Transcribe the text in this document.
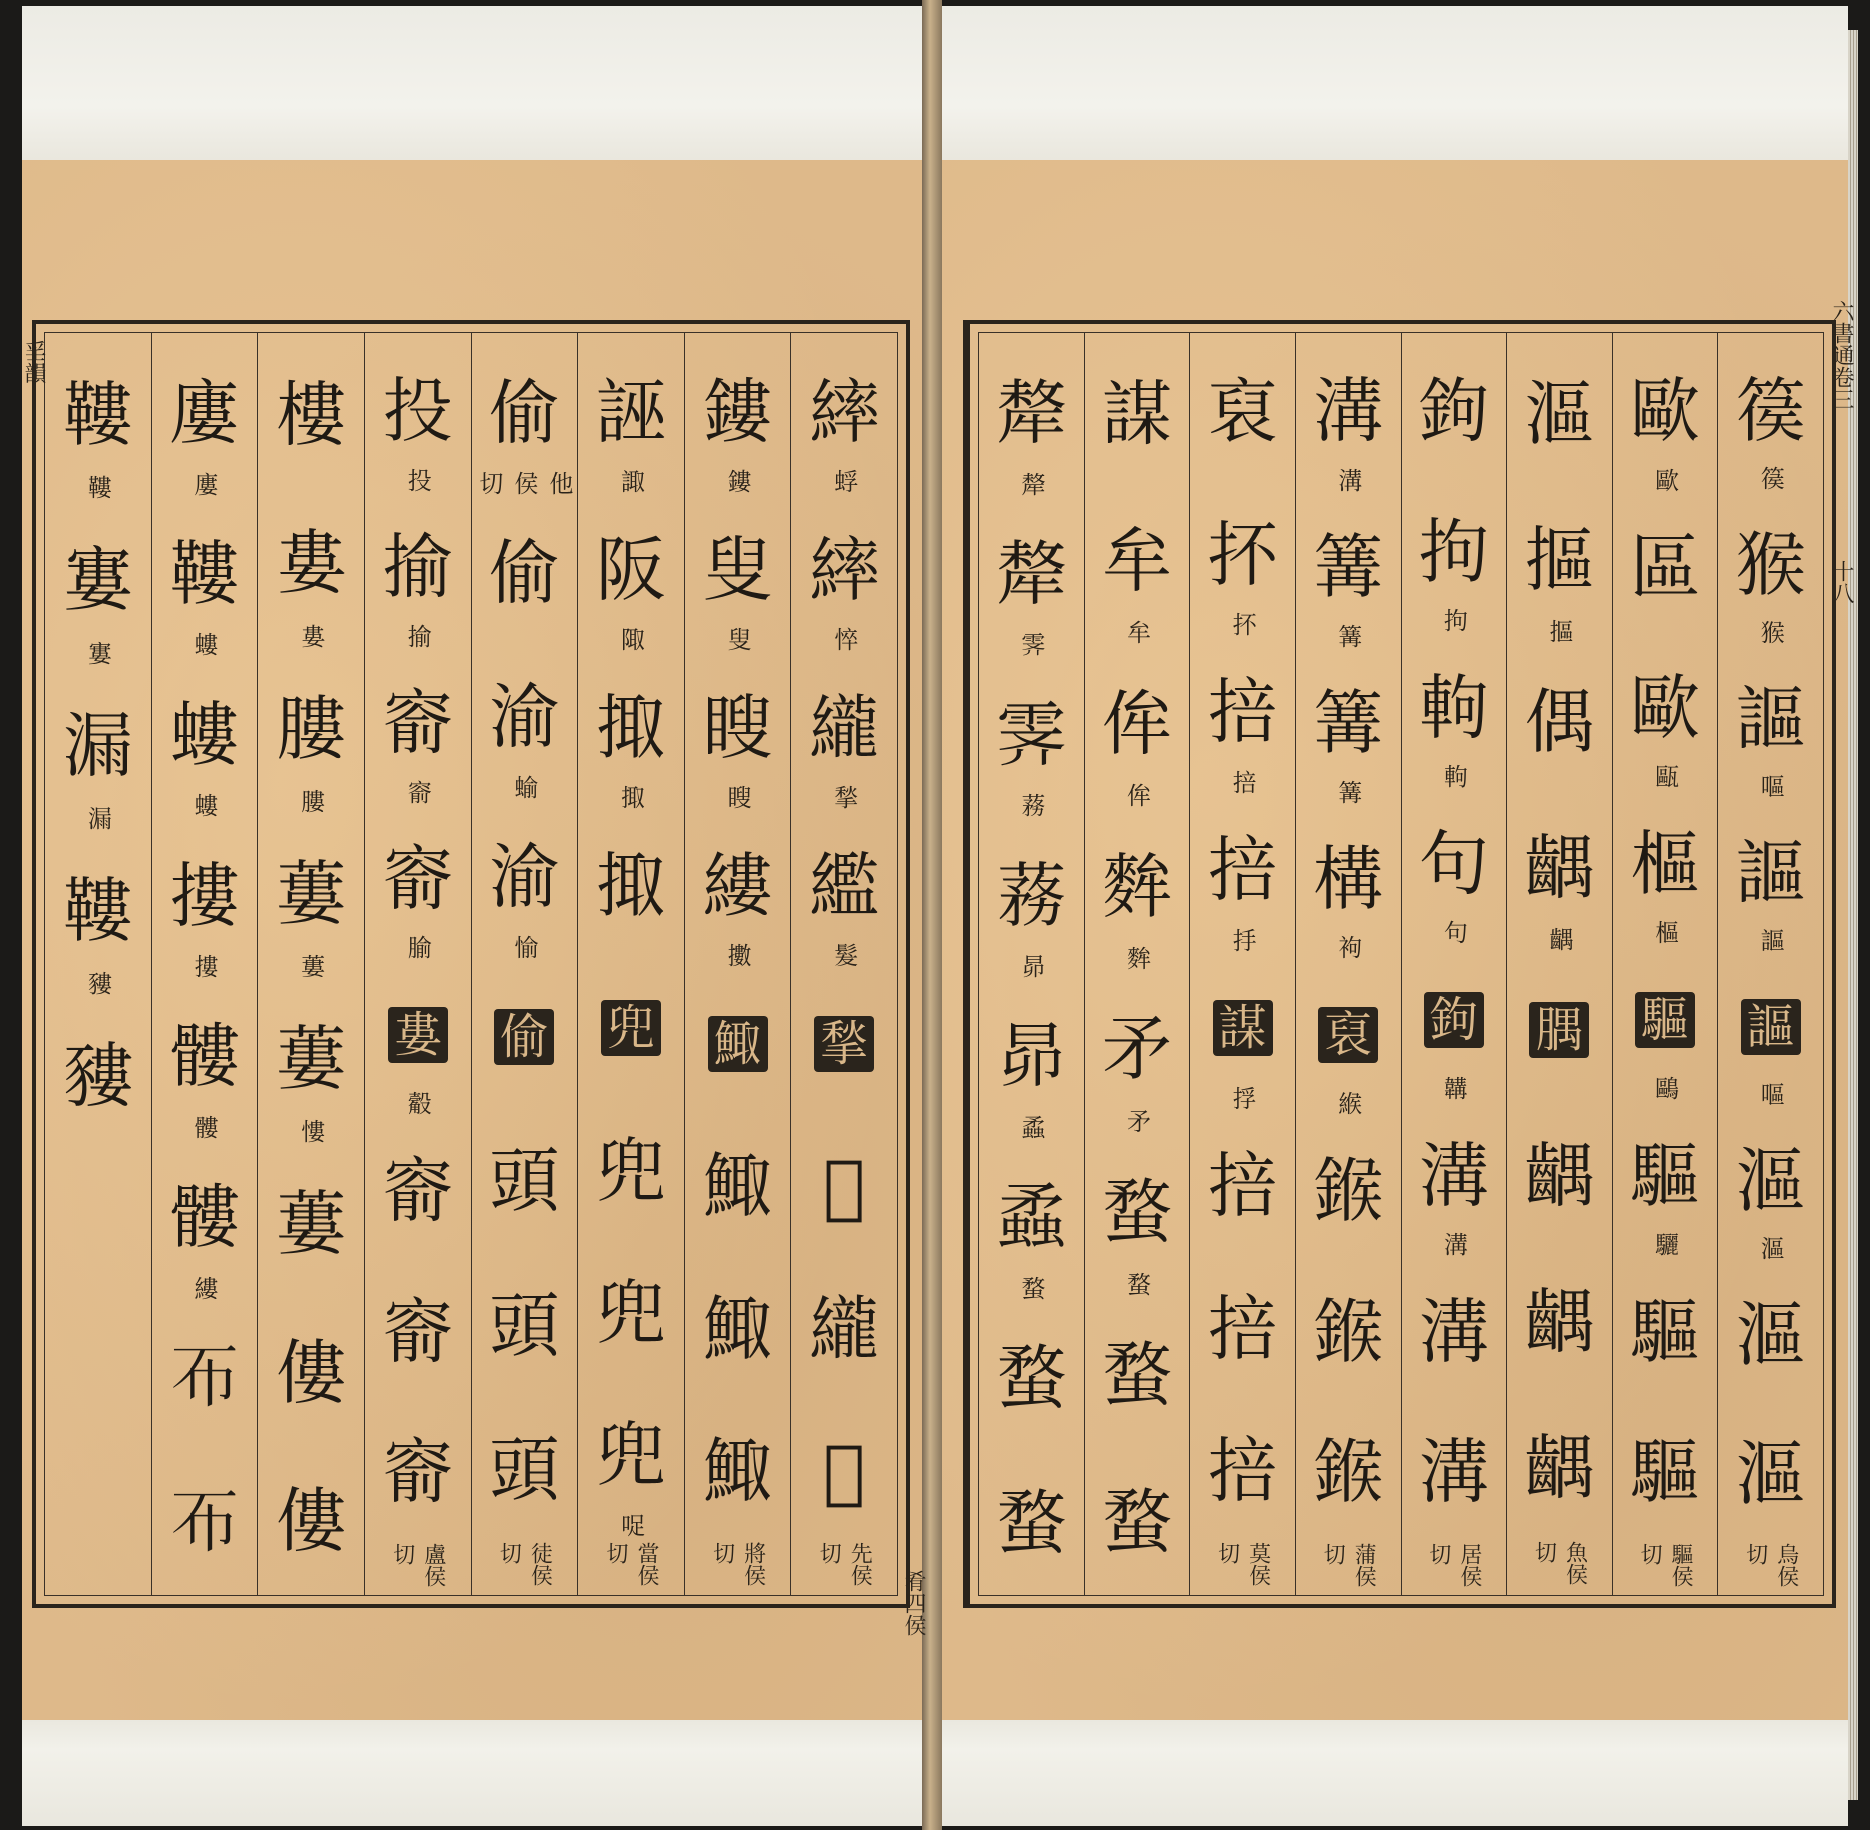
繂
蜉
繂
悴
䌬
揫
繿
髮
揫
𦈏
䌬
𦈏
先侯切
鏤
鏤
叟
叟
瞍
瞍
縷
擻
鯫
鯫
鯫
鯫
將侯切
誣
諏
阪
陬
掫
掫
掫
兜
兜
兜
兜
哫
當侯切
偷
他侯切
偷
渝
蝓
渝
愉
偷
頭
頭
頭
徒侯切
投
投
揄
揄
窬
窬
窬
腧
婁
觳
窬
窬
窬
盧侯切
樓
婁
婁
膢
膢
蔞
蔞
蔞
慺
蔞
僂
僂
廔
廔
鞻
螻
螻
螻
摟
摟
髏
髏
髏
縷
𢁓
𢁓
鞻
鞻
寠
寠
漏
漏
鞻
䝏
䝏
篌
篌
猴
猴
謳
嘔
謳
謳
謳
嘔
漚
漚
漚
漚
烏侯切
歐
歐
區
歐
甌
樞
樞
驅
鷗
驅
驪
驅
驅
驅侯切
漚
摳
摳
偶
齵
齵
腢
齵
齵
齵
魚侯切
鉤
拘
拘
軥
軥
句
句
鉤
韝
溝
溝
溝
溝
居侯切
溝
溝
篝
篝
篝
篝
構
袧
裒
緱
鍭
鍭
鍭
蒲侯切
裒
抔
抔
掊
掊
掊
抙
謀
捊
掊
掊
掊
莫侯切
謀
牟
牟
侔
侔
麰
麰
矛
矛
蝥
蝥
蝥
蝥
犛
犛
犛
霁
霁
蓩
蓩
昴
昴
蟊
蟊
蝥
蝥
蝥
㸒韻
肴四侯
六書通卷三
十八
